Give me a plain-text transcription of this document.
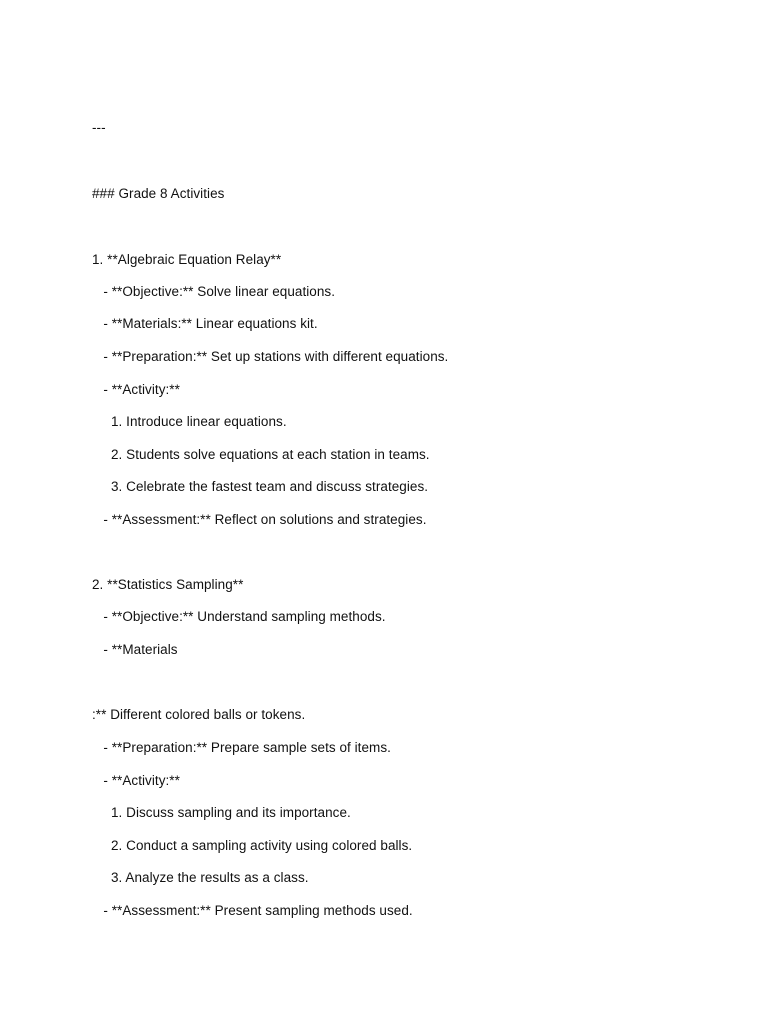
---
### Grade 8 Activities
1. **Algebraic Equation Relay**
- **Objective:** Solve linear equations.
- **Materials:** Linear equations kit.
- **Preparation:** Set up stations with different equations.
- **Activity:**
1. Introduce linear equations.
2. Students solve equations at each station in teams.
3. Celebrate the fastest team and discuss strategies.
- **Assessment:** Reflect on solutions and strategies.
2. **Statistics Sampling**
- **Objective:** Understand sampling methods.
- **Materials
:** Different colored balls or tokens.
- **Preparation:** Prepare sample sets of items.
- **Activity:**
1. Discuss sampling and its importance.
2. Conduct a sampling activity using colored balls.
3. Analyze the results as a class.
- **Assessment:** Present sampling methods used.
